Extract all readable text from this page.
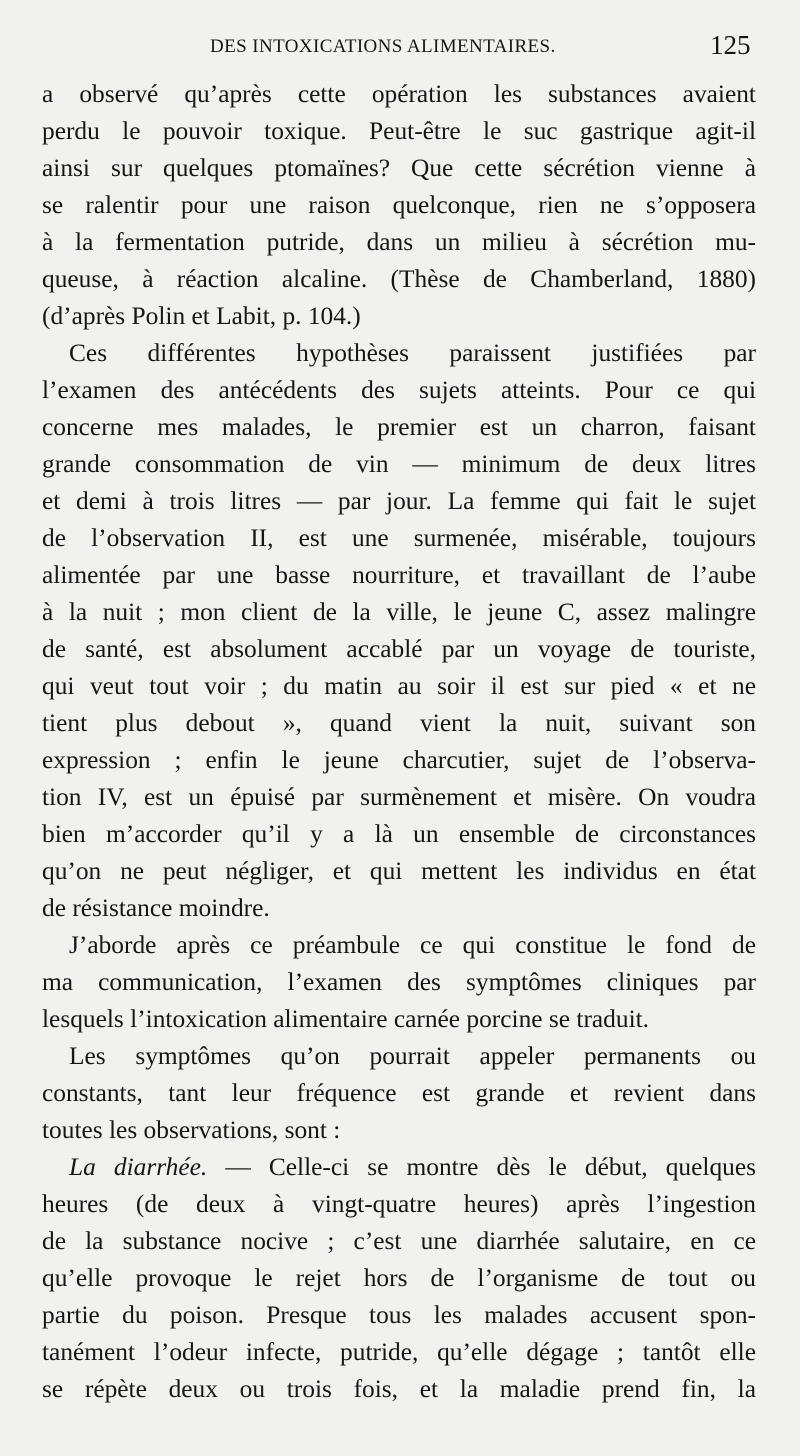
DES INTOXICATIONS ALIMENTAIRES.	125
a observé qu’après cette opération les substances avaient
perdu le pouvoir toxique. Peut-être le suc gastrique agit-il
ainsi sur quelques ptomaïnes? Que cette sécrétion vienne à
se ralentir pour une raison quelconque, rien ne s’opposera
à la fermentation putride, dans un milieu à sécrétion mu-
queuse, à réaction alcaline. (Thèse de Chamberland, 1880)
(d’après Polin et Labit, p. 104.)
Ces différentes hypothèses paraissent justifiées par
l’examen des antécédents des sujets atteints. Pour ce qui
concerne mes malades, le premier est un charron, faisant
grande consommation de vin — minimum de deux litres
et demi à trois litres — par jour. La femme qui fait le sujet
de l’observation II, est une surmenée, misérable, toujours
alimentée par une basse nourriture, et travaillant de l’aube
à la nuit ; mon client de la ville, le jeune C, assez malingre
de santé, est absolument accablé par un voyage de touriste,
qui veut tout voir ; du matin au soir il est sur pied « et ne
tient plus debout », quand vient la nuit, suivant son
expression ; enfin le jeune charcutier, sujet de l’observa-
tion IV, est un épuisé par surmènement et misère. On voudra
bien m’accorder qu’il y a là un ensemble de circonstances
qu’on ne peut négliger, et qui mettent les individus en état
de résistance moindre.
J’aborde après ce préambule ce qui constitue le fond de
ma communication, l’examen des symptômes cliniques par
lesquels l’intoxication alimentaire carnée porcine se traduit.
Les symptômes qu’on pourrait appeler permanents ou
constants, tant leur fréquence est grande et revient dans
toutes les observations, sont :
La diarrhée. — Celle-ci se montre dès le début, quelques
heures (de deux à vingt-quatre heures) après l’ingestion
de la substance nocive ; c’est une diarrhée salutaire, en ce
qu’elle provoque le rejet hors de l’organisme de tout ou
partie du poison. Presque tous les malades accusent spon-
tanément l’odeur infecte, putride, qu’elle dégage ; tantôt elle
se répète deux ou trois fois, et la maladie prend fin, la
